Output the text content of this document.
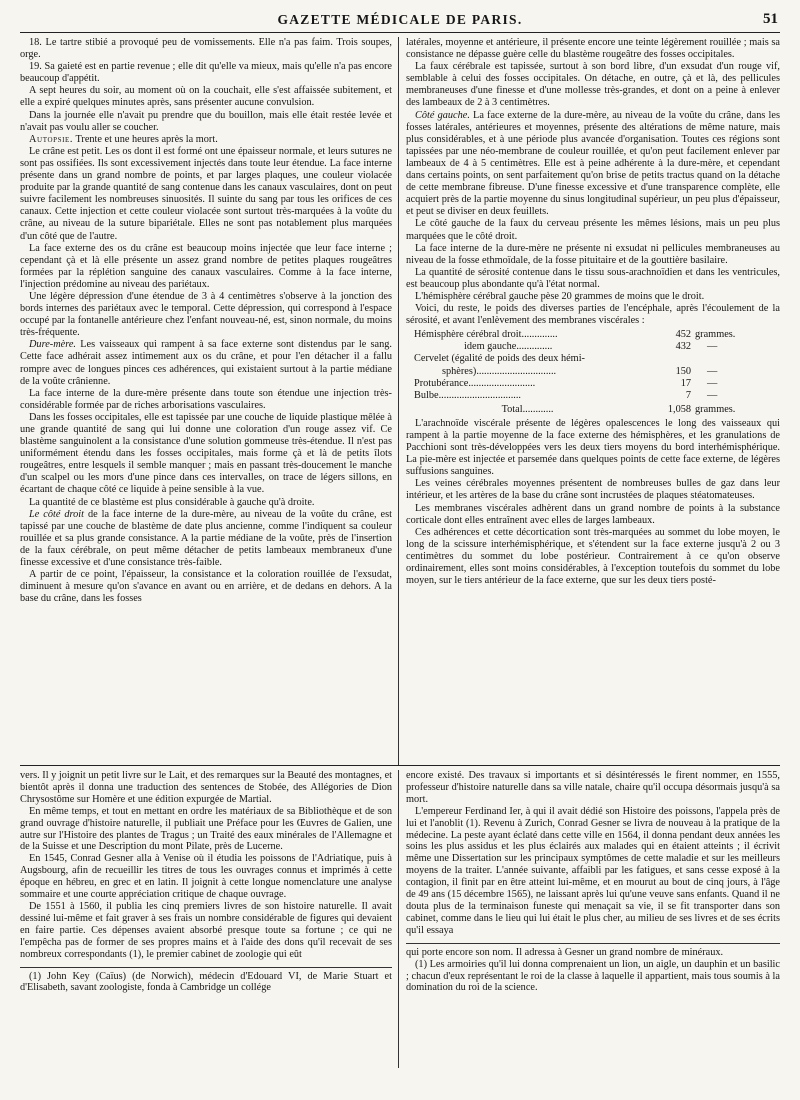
GAZETTE MÉDICALE DE PARIS.	51

18. Le tartre stibié a provoqué peu de vomissements. Elle n'a pas faim. Trois soupes, orge.

19. Sa gaieté est en partie revenue ; elle dit qu'elle va mieux, mais qu'elle n'a pas encore beaucoup d'appétit.

A sept heures du soir, au moment où on la couchait, elle s'est affaissée subitement, et elle a expiré quelques minutes après, sans présenter aucune convulsion.

Dans la journée elle n'avait pu prendre que du bouillon, mais elle était restée levée et n'avait pas voulu aller se coucher.

Autopsie. Trente et une heures après la mort.

Le crâne est petit. Les os dont il est formé ont une épaisseur normale, et leurs sutures ne sont pas ossifiées. Ils sont excessivement injectés dans toute leur étendue. La face interne présente dans un grand nombre de points, et par larges plaques, une couleur violacée produite par la grande quantité de sang contenue dans les canaux vasculaires, dont on peut suivre facilement les nombreuses sinuosités. Il suinte du sang par tous les orifices de ces canaux. Cette injection et cette couleur violacée sont surtout très-marquées à la voûte du crâne, au niveau de la suture bipariétale. Elles ne sont pas notablement plus marquées d'un côté que de l'autre.

La face externe des os du crâne est beaucoup moins injectée que leur face interne ; cependant çà et là elle présente un assez grand nombre de petites plaques rougeâtres formées par la réplétion sanguine des canaux vasculaires. Comme à la face interne, l'injection prédomine au niveau des pariétaux.

Une légère dépression d'une étendue de 3 à 4 centimètres s'observe à la jonction des bords internes des pariétaux avec le temporal. Cette dépression, qui correspond à l'espace occupé par la fontanelle antérieure chez l'enfant nouveau-né, est, sinon normale, du moins très-fréquente.

Dure-mère. Les vaisseaux qui rampent à sa face externe sont distendus par le sang. Cette face adhérait assez intimement aux os du crâne, et pour l'en détacher il a fallu rompre avec de longues pinces ces adhérences, qui existaient surtout à la partie médiane de la voûte crânienne.

La face interne de la dure-mère présente dans toute son étendue une injection très-considérable formée par de riches arborisations vasculaires.

Dans les fosses occipitales, elle est tapissée par une couche de liquide plastique mêlée à une grande quantité de sang qui lui donne une coloration d'un rouge assez vif. Ce blastème sanguinolent a la consistance d'une solution gommeuse très-étendue. Il n'est pas uniformément étendu dans les fosses occipitales, mais forme çà et là de petits îlots rougeâtres, entre lesquels il semble manquer ; mais en passant très-doucement le manche d'un scalpel ou les mors d'une pince dans ces intervalles, on trace de légers sillons, en écartant de chaque côté ce liquide à peine sensible à la vue.

La quantité de ce blastème est plus considérable à gauche qu'à droite.

Le côté droit de la face interne de la dure-mère, au niveau de la voûte du crâne, est tapissé par une couche de blastème de date plus ancienne, comme l'indiquent sa couleur rouillée et sa plus grande consistance. A la partie médiane de la voûte, près de l'insertion de la faux cérébrale, on peut même détacher de petits lambeaux membraneux d'une finesse excessive et d'une consistance très-faible.

A partir de ce point, l'épaisseur, la consistance et la coloration rouillée de l'exsudat, diminuent à mesure qu'on s'avance en avant ou en arrière, et de dedans en dehors. A la base du crâne, dans les fosses

latérales, moyenne et antérieure, il présente encore une teinte légèrement rouillée ; mais sa consistance ne dépasse guère celle du blastème rougeâtre des fosses occipitales.

La faux cérébrale est tapissée, surtout à son bord libre, d'un exsudat d'un rouge vif, semblable à celui des fosses occipitales. On détache, en outre, çà et là, des pellicules membraneuses d'une finesse et d'une mollesse très-grandes, et dont on a peine à enlever des lambeaux de 2 à 3 centimètres.

Côté gauche. La face externe de la dure-mère, au niveau de la voûte du crâne, dans les fosses latérales, antérieures et moyennes, présente des altérations de même nature, mais plus considérables, et à une période plus avancée d'organisation. Toutes ces régions sont tapissées par une néo-membrane de couleur rouillée, et qu'on peut facilement enlever par lambeaux de 4 à 5 centimètres. Elle est à peine adhérente à la dure-mère, et cependant dans certains points, on sent parfaitement qu'on brise de petits tractus quand on la détache de cette membrane fibreuse. D'une finesse excessive et d'une transparence complète, elle acquiert près de la partie moyenne du sinus longitudinal supérieur, un peu plus d'épaisseur, et peut se diviser en deux feuillets.

Le côté gauche de la faux du cerveau présente les mêmes lésions, mais un peu plus marquées que le côté droit.

La face interne de la dure-mère ne présente ni exsudat ni pellicules membraneuses au niveau de la fosse ethmoïdale, de la fosse pituitaire et de la gouttière basilaire.

La quantité de sérosité contenue dans le tissu sous-arachnoïdien et dans les ventricules, est beaucoup plus abondante qu'à l'état normal.

L'hémisphère cérébral gauche pèse 20 grammes de moins que le droit.

Voici, du reste, le poids des diverses parties de l'encéphale, après l'écoulement de la sérosité, et avant l'enlèvement des membranes viscérales :

Hémisphère cérébral droit..............	452	grammes.
idem gauche..............	432	—
Cervelet (égalité de poids des deux hémi-		
sphères)...............................	150	—
Protubérance..........................	17	—
Bulbe................................	7	—
Total............	1,058	grammes.

L'arachnoïde viscérale présente de légères opalescences le long des vaisseaux qui rampent à la partie moyenne de la face externe des hémisphères, et les granulations de Pacchioni sont très-développées vers les deux tiers moyens du bord interhémisphérique. La pie-mère est injectée et parsemée dans quelques points de cette face externe, de légères suffusions sanguines.

Les veines cérébrales moyennes présentent de nombreuses bulles de gaz dans leur intérieur, et les artères de la base du crâne sont incrustées de plaques stéatomateuses.

Les membranes viscérales adhèrent dans un grand nombre de points à la substance corticale dont elles entraînent avec elles de larges lambeaux.

Ces adhérences et cette décortication sont très-marquées au sommet du lobe moyen, le long de la scissure interhémisphérique, et s'étendent sur la face externe jusqu'à 2 ou 3 centimètres du sommet du lobe postérieur. Contrairement à ce qu'on observe ordinairement, elles sont moins considérables, à l'exception toutefois du sommet du lobe moyen, sur le tiers antérieur de la face externe, que sur les deux tiers posté-

vers. Il y joignit un petit livre sur le Lait, et des remarques sur la Beauté des montagnes, et bientôt après il donna une traduction des sentences de Stobée, des Allégories de Dion Chrysostôme sur Homère et une édition expurgée de Martial.

En même temps, et tout en mettant en ordre les matériaux de sa Bibliothèque et de son grand ouvrage d'histoire naturelle, il publiait une Préface pour les Œuvres de Galien, une autre sur l'Histoire des plantes de Tragus ; un Traité des eaux minérales de l'Allemagne et de la Suisse et une Description du mont Pilate, près de Lucerne.

En 1545, Conrad Gesner alla à Venise où il étudia les poissons de l'Adriatique, puis à Augsbourg, afin de recueillir les titres de tous les ouvrages connus et imprimés à cette époque en hébreu, en grec et en latin. Il joignit à cette longue nomenclature une analyse sommaire et une courte appréciation critique de chaque ouvrage.

De 1551 à 1560, il publia les cinq premiers livres de son histoire naturelle. Il avait dessiné lui-même et fait graver à ses frais un nombre considérable de figures qui devaient en faire partie. Ces dépenses avaient absorbé presque toute sa fortune ; ce qui ne l'empêcha pas de former de ses propres mains et à l'aide des dons qu'il recevait de ses nombreux correspondants (1), le premier cabinet de zoologie qui eût

(1) John Key (Caïus) (de Norwich), médecin d'Edouard VI, de Marie Stuart et d'Elisabeth, savant zoologiste, fonda à Cambridge un collége

encore existé. Des travaux si importants et si désintéressés le firent nommer, en 1555, professeur d'histoire naturelle dans sa ville natale, chaire qu'il occupa désormais jusqu'à sa mort.

L'empereur Ferdinand Ier, à qui il avait dédié son Histoire des poissons, l'appela près de lui et l'anoblit (1). Revenu à Zurich, Conrad Gesner se livra de nouveau à la pratique de la médecine. La peste ayant éclaté dans cette ville en 1564, il donna pendant deux années les soins les plus assidus et les plus éclairés aux malades qui en étaient atteints ; il écrivit même une Dissertation sur les principaux symptômes de cette maladie et sur les meilleurs moyens de la traiter. L'année suivante, affaibli par les fatigues, et sans cesse exposé à la contagion, il finit par en être atteint lui-même, et en mourut au bout de cinq jours, à l'âge de 49 ans (15 décembre 1565), ne laissant après lui qu'une veuve sans enfants. Quand il ne douta plus de la terminaison funeste qui menaçait sa vie, il se fit transporter dans son cabinet, comme dans le lieu qui lui était le plus cher, au milieu de ses livres et de ses écrits qu'il essaya

qui porte encore son nom. Il adressa à Gesner un grand nombre de minéraux.

(1) Les armoiries qu'il lui donna comprenaient un lion, un aigle, un dauphin et un basilic ; chacun d'eux représentant le roi de la classe à laquelle il appartient, mais tous soumis à la domination du roi de la science.
